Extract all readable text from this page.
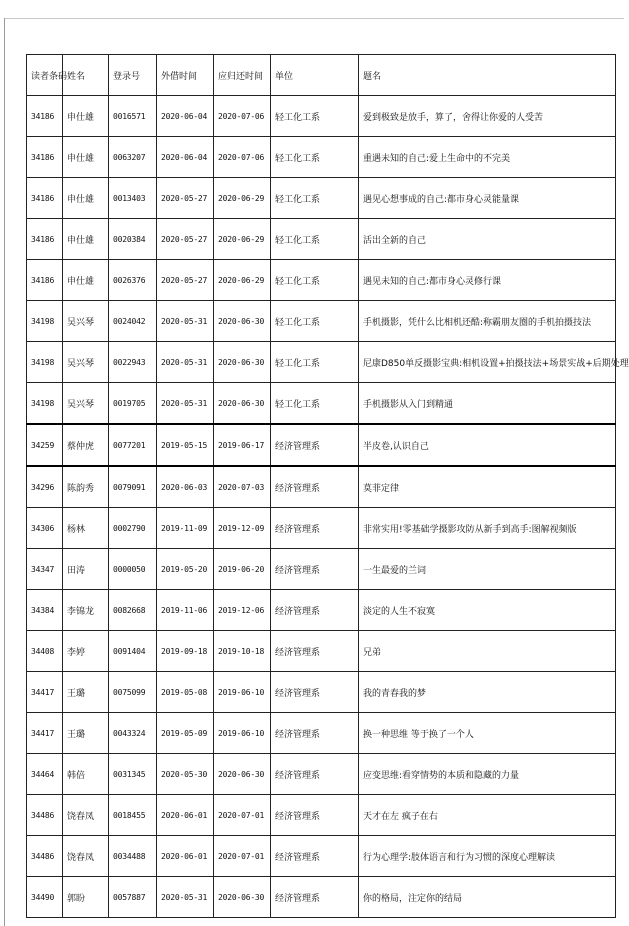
读者条码	姓名	登录号	外借时间	应归还时间	单位	题名
34186	申仕雄	0016571	2020-06-04	2020-07-06	轻工化工系	爱到极致是放手，算了，舍得让你爱的人受苦
34186	申仕雄	0063207	2020-06-04	2020-07-06	轻工化工系	重遇未知的自己:爱上生命中的不完美
34186	申仕雄	0013403	2020-05-27	2020-06-29	轻工化工系	遇见心想事成的自己:都市身心灵能量课
34186	申仕雄	0020384	2020-05-27	2020-06-29	轻工化工系	活出全新的自己
34186	申仕雄	0026376	2020-05-27	2020-06-29	轻工化工系	遇见未知的自己:都市身心灵修行课
34198	吴兴琴	0024042	2020-05-31	2020-06-30	轻工化工系	手机摄影，凭什么比相机还酷:称霸朋友圈的手机拍摄技法
34198	吴兴琴	0022943	2020-05-31	2020-06-30	轻工化工系	尼康D850单反摄影宝典:相机设置+拍摄技法+场景实战+后期处理
34198	吴兴琴	0019705	2020-05-31	2020-06-30	轻工化工系	手机摄影从入门到精通
34259	蔡仲虎	0077201	2019-05-15	2019-06-17	经济管理系	半皮卷,认识自己
34296	陈韵秀	0079091	2020-06-03	2020-07-03	经济管理系	莫菲定律
34306	杨林	0002790	2019-11-09	2019-12-09	经济管理系	非常实用!零基础学摄影攻防从新手到高手:图解视频版
34347	田涛	0000050	2019-05-20	2019-06-20	经济管理系	一生最爱的兰词
34384	李锦龙	0082668	2019-11-06	2019-12-06	经济管理系	淡定的人生不寂寞
34408	李婷	0091404	2019-09-18	2019-10-18	经济管理系	兄弟
34417	王璐	0075099	2019-05-08	2019-06-10	经济管理系	我的青春我的梦
34417	王璐	0043324	2019-05-09	2019-06-10	经济管理系	换一种思维 等于换了一个人
34464	韩倍	0031345	2020-05-30	2020-06-30	经济管理系	应变思维:看穿情势的本质和隐藏的力量
34486	饶春凤	0018455	2020-06-01	2020-07-01	经济管理系	天才在左 疯子在右
34486	饶春凤	0034488	2020-06-01	2020-07-01	经济管理系	行为心理学:肢体语言和行为习惯的深度心理解读
34490	郭盼	0057887	2020-05-31	2020-06-30	经济管理系	你的格局，注定你的结局
